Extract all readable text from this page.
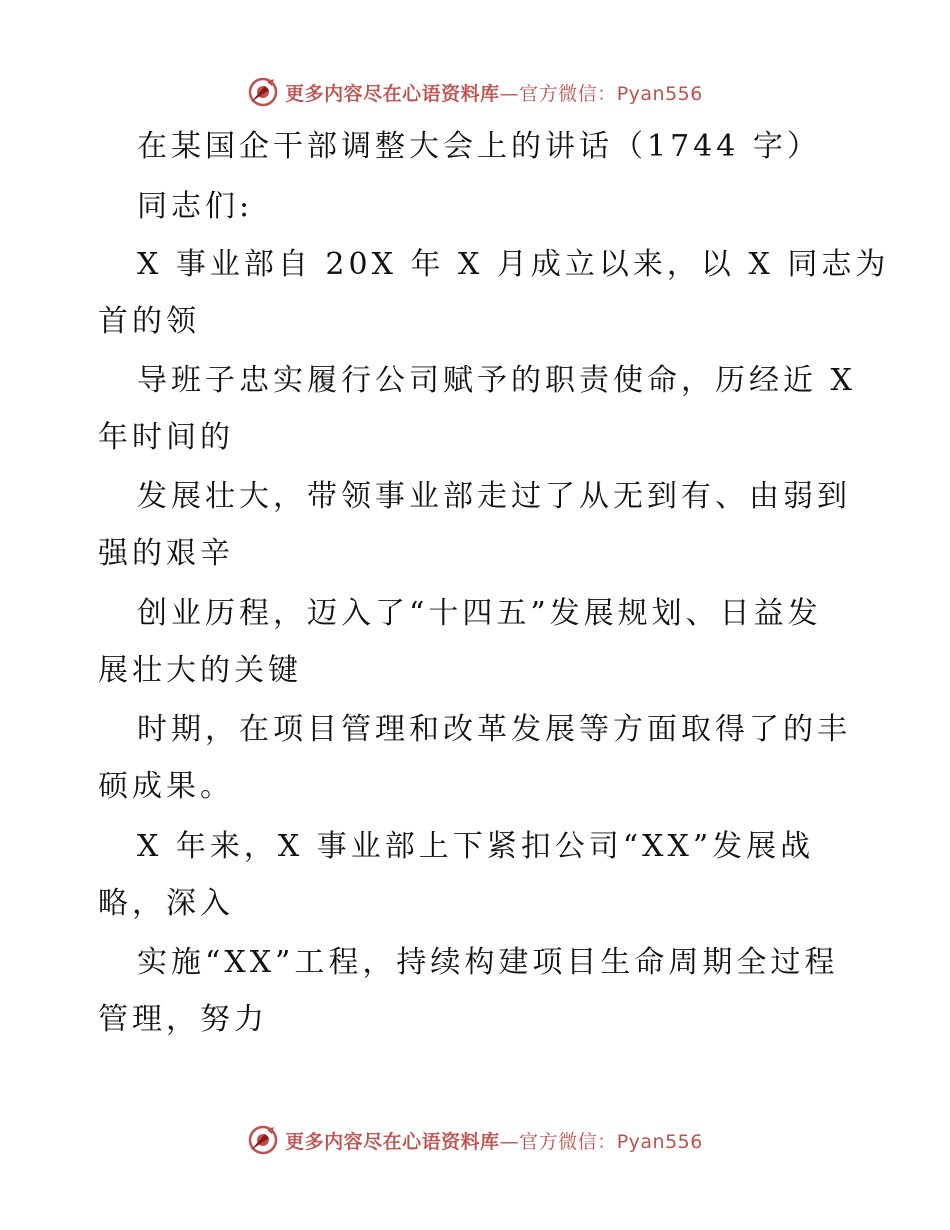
更多内容尽在心语资料库—官方微信：Pyan556
在某国企干部调整大会上的讲话（1744 字）
同志们:
X 事业部自 20X 年 X 月成立以来，以 X 同志为
首的领
导班子忠实履行公司赋予的职责使命，历经近 X
年时间的
发展壮大，带领事业部走过了从无到有、由弱到
强的艰辛
创业历程，迈入了“十四五”发展规划、日益发
展壮大的关键
时期，在项目管理和改革发展等方面取得了的丰
硕成果。
X 年来，X 事业部上下紧扣公司“XX”发展战
略，深入
实施“XX”工程，持续构建项目生命周期全过程
管理，努力
更多内容尽在心语资料库—官方微信：Pyan556
